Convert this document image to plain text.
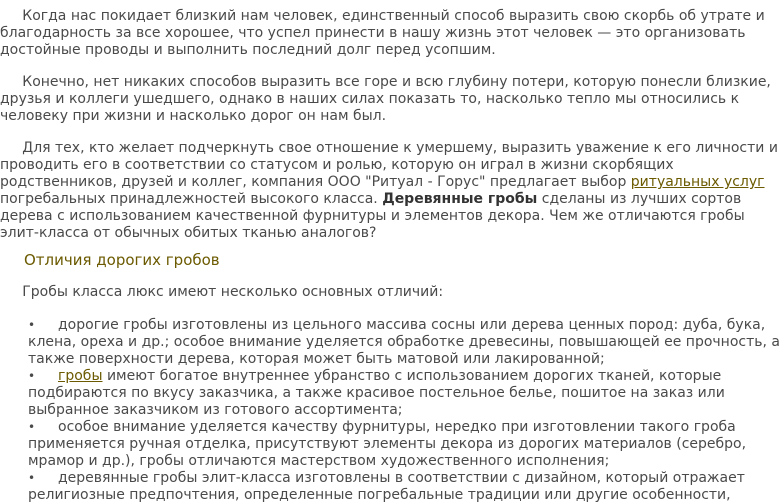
Когда нас покидает близкий нам человек, единственный способ выразить свою скорбь об утрате и
благодарность за все хорошее, что успел принести в нашу жизнь этот человек — это организовать
достойные проводы и выполнить последний долг перед усопшим.
Конечно, нет никаких способов выразить все горе и всю глубину потери, которую понесли близкие,
друзья и коллеги ушедшего, однако в наших силах показать то, насколько тепло мы относились к
человеку при жизни и насколько дорог он нам был.
Для тех, кто желает подчеркнуть свое отношение к умершему, выразить уважение к его личности и
проводить его в соответствии со статусом и ролью, которую он играл в жизни скорбящих
родственников, друзей и коллег, компания ООО "Ритуал - Горус" предлагает выбор ритуальных услуг
погребальных принадлежностей высокого класса. Деревянные гробы сделаны из лучших сортов
дерева с использованием качественной фурнитуры и элементов декора. Чем же отличаются гробы
элит-класса от обычных обитых тканью аналогов?
Отличия дорогих гробов
Гробы класса люкс имеют несколько основных отличий:
• дорогие гробы изготовлены из цельного массива сосны или дерева ценных пород: дуба, бука,
клена, ореха и др.; особое внимание уделяется обработке древесины, повышающей ее прочность, а
также поверхности дерева, которая может быть матовой или лакированной;
• гробы имеют богатое внутреннее убранство с использованием дорогих тканей, которые
подбираются по вкусу заказчика, а также красивое постельное белье, пошитое на заказ или
выбранное заказчиком из готового ассортимента;
• особое внимание уделяется качеству фурнитуры, нередко при изготовлении такого гроба
применяется ручная отделка, присутствуют элементы декора из дорогих материалов (серебро,
мрамор и др.), гробы отличаются мастерством художественного исполнения;
• деревянные гробы элит-класса изготовлены в соответствии с дизайном, который отражает
религиозные предпочтения, определенные погребальные традиции или другие особенности,
